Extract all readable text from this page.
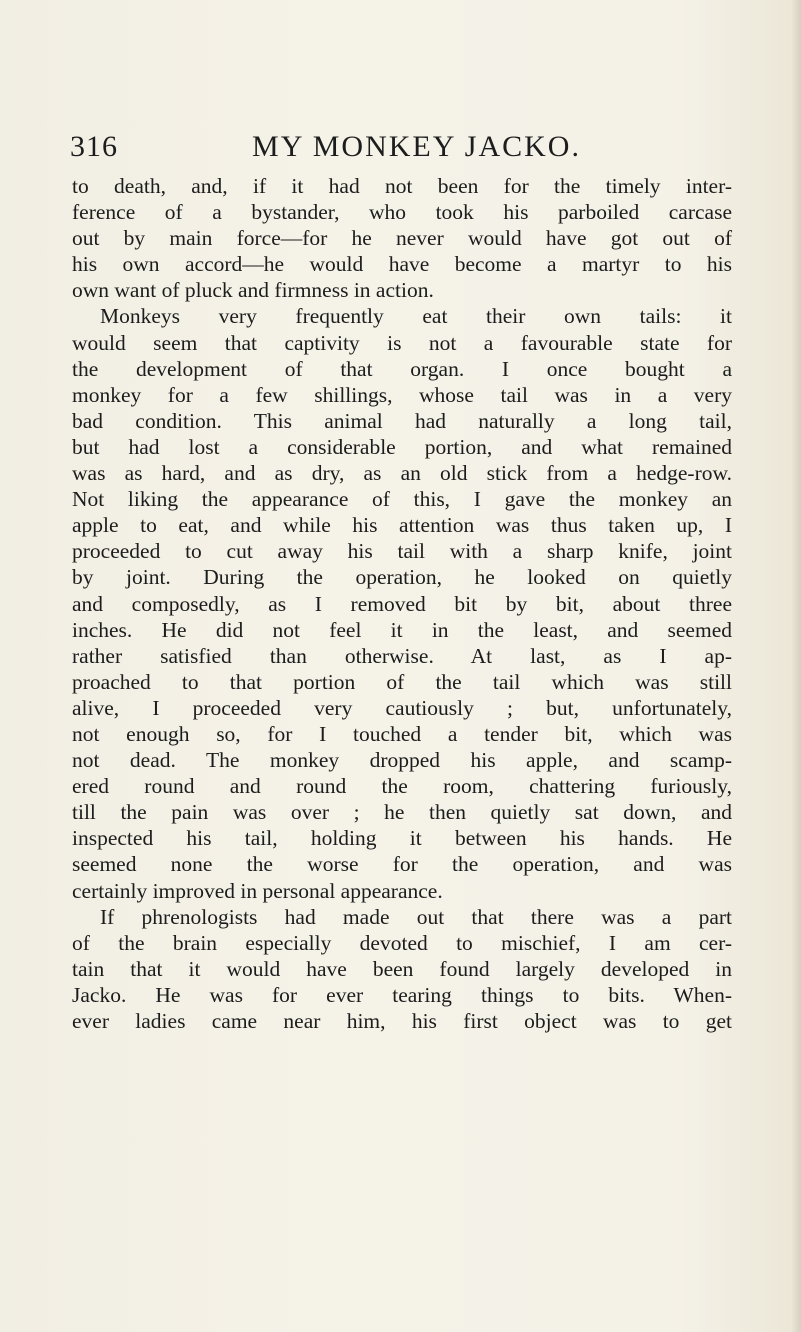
316	MY MONKEY JACKO.
to death, and, if it had not been for the timely inter-
ference of a bystander, who took his parboiled carcase
out by main force—for he never would have got out of
his own accord—he would have become a martyr to his
own want of pluck and firmness in action.
Monkeys very frequently eat their own tails: it
would seem that captivity is not a favourable state for
the development of that organ. I once bought a
monkey for a few shillings, whose tail was in a very
bad condition. This animal had naturally a long tail,
but had lost a considerable portion, and what remained
was as hard, and as dry, as an old stick from a hedge-row.
Not liking the appearance of this, I gave the monkey an
apple to eat, and while his attention was thus taken up, I
proceeded to cut away his tail with a sharp knife, joint
by joint. During the operation, he looked on quietly
and composedly, as I removed bit by bit, about three
inches. He did not feel it in the least, and seemed
rather satisfied than otherwise. At last, as I ap-
proached to that portion of the tail which was still
alive, I proceeded very cautiously ; but, unfortunately,
not enough so, for I touched a tender bit, which was
not dead. The monkey dropped his apple, and scamp-
ered round and round the room, chattering furiously,
till the pain was over ; he then quietly sat down, and
inspected his tail, holding it between his hands. He
seemed none the worse for the operation, and was
certainly improved in personal appearance.
If phrenologists had made out that there was a part
of the brain especially devoted to mischief, I am cer-
tain that it would have been found largely developed in
Jacko. He was for ever tearing things to bits. When-
ever ladies came near him, his first object was to get
